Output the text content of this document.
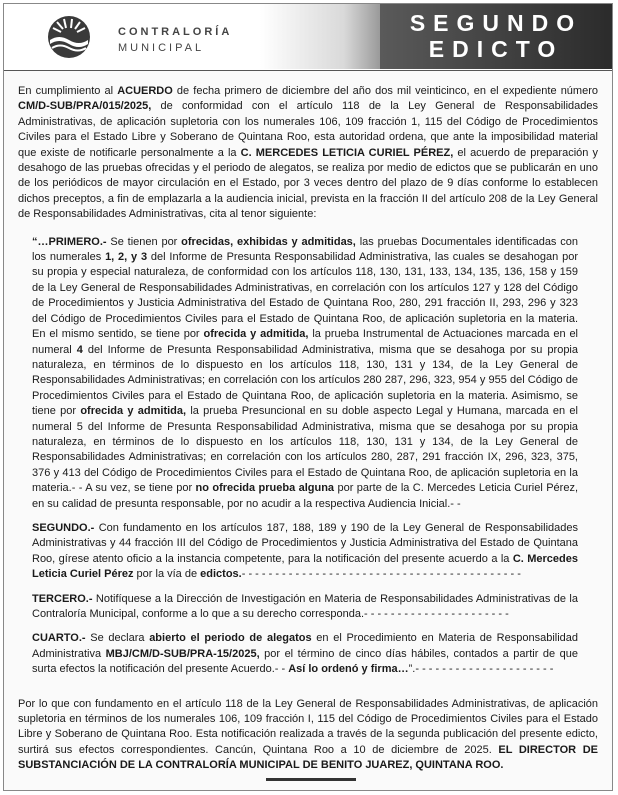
CONTRALORÍA
MUNICIPAL
SEGUNDO
EDICTO

En cumplimiento al ACUERDO de fecha primero de diciembre del año dos mil veinticinco, en el expediente número CM/D-SUB/PRA/015/2025, de conformidad con el artículo 118 de la Ley General de Responsabilidades Administrativas, de aplicación supletoria con los numerales 106, 109 fracción 1, 115 del Código de Procedimientos Civiles para el Estado Libre y Soberano de Quintana Roo, esta autoridad ordena, que ante la imposibilidad material que existe de notificarle personalmente a la C. MERCEDES LETICIA CURIEL PÉREZ, el acuerdo de preparación y desahogo de las pruebas ofrecidas y el periodo de alegatos, se realiza por medio de edictos que se publicarán en uno de los periódicos de mayor circulación en el Estado, por 3 veces dentro del plazo de 9 días conforme lo establecen dichos preceptos, a fin de emplazarla a la audiencia inicial, prevista en la fracción II del artículo 208 de la Ley General de Responsabilidades Administrativas, cita al tenor siguiente:

“…PRIMERO.- Se tienen por ofrecidas, exhibidas y admitidas, las pruebas Documentales identificadas con los numerales 1, 2, y 3 del Informe de Presunta Responsabilidad Administrativa, las cuales se desahogan por su propia y especial naturaleza, de conformidad con los artículos 118, 130, 131, 133, 134, 135, 136, 158 y 159 de la Ley General de Responsabilidades Administrativas, en correlación con los artículos 127 y 128 del Código de Procedimientos y Justicia Administrativa del Estado de Quintana Roo, 280, 291 fracción II, 293, 296 y 323 del Código de Procedimientos Civiles para el Estado de Quintana Roo, de aplicación supletoria en la materia. En el mismo sentido, se tiene por ofrecida y admitida, la prueba Instrumental de Actuaciones marcada en el numeral 4 del Informe de Presunta Responsabilidad Administrativa, misma que se desahoga por su propia naturaleza, en términos de lo dispuesto en los artículos 118, 130, 131 y 134, de la Ley General de Responsabilidades Administrativas; en correlación con los artículos 280 287, 296, 323, 954 y 955 del Código de Procedimientos Civiles para el Estado de Quintana Roo, de aplicación supletoria en la materia. Asimismo, se tiene por ofrecida y admitida, la prueba Presuncional en su doble aspecto Legal y Humana, marcada en el numeral 5 del Informe de Presunta Responsabilidad Administrativa, misma que se desahoga por su propia naturaleza, en términos de lo dispuesto en los artículos 118, 130, 131 y 134, de la Ley General de Responsabilidades Administrativas; en correlación con los artículos 280, 287, 291 fracción IX, 296, 323, 375, 376 y 413 del Código de Procedimientos Civiles para el Estado de Quintana Roo, de aplicación supletoria en la materia.- - A su vez, se tiene por no ofrecida prueba alguna por parte de la C. Mercedes Leticia Curiel Pérez, en su calidad de presunta responsable, por no acudir a la respectiva Audiencia Inicial.- -

SEGUNDO.- Con fundamento en los artículos 187, 188, 189 y 190 de la Ley General de Responsabilidades Administrativas y 44 fracción III del Código de Procedimientos y Justicia Administrativa del Estado de Quintana Roo, gírese atento oficio a la instancia competente, para la notificación del presente acuerdo a la C. Mercedes Leticia Curiel Pérez por la vía de edictos.- - - - - - - - - - - - - - - - - - - - - - - - - - - - - - - - - - - - - - - - - -

TERCERO.- Notifíquese a la Dirección de Investigación en Materia de Responsabilidades Administrativas de la Contraloría Municipal, conforme a lo que a su derecho corresponda.- - - - - - - - - - - - - - - - - - - - - -

CUARTO.- Se declara abierto el periodo de alegatos en el Procedimiento en Materia de Responsabilidad Administrativa MBJ/CM/D-SUB/PRA-15/2025, por el término de cinco días hábiles, contados a partir de que surta efectos la notificación del presente Acuerdo.- - Así lo ordenó y firma…”.- - - - - - - - - - - - - - - - - - - - -

Por lo que con fundamento en el artículo 118 de la Ley General de Responsabilidades Administrativas, de aplicación supletoria en términos de los numerales 106, 109 fracción I, 115 del Código de Procedimientos Civiles para el Estado Libre y Soberano de Quintana Roo. Esta notificación realizada a través de la segunda publicación del presente edicto, surtirá sus efectos correspondientes. Cancún, Quintana Roo a 10 de diciembre de 2025. EL DIRECTOR DE SUBSTANCIACIÓN DE LA CONTRALORÍA MUNICIPAL DE BENITO JUAREZ, QUINTANA ROO.
